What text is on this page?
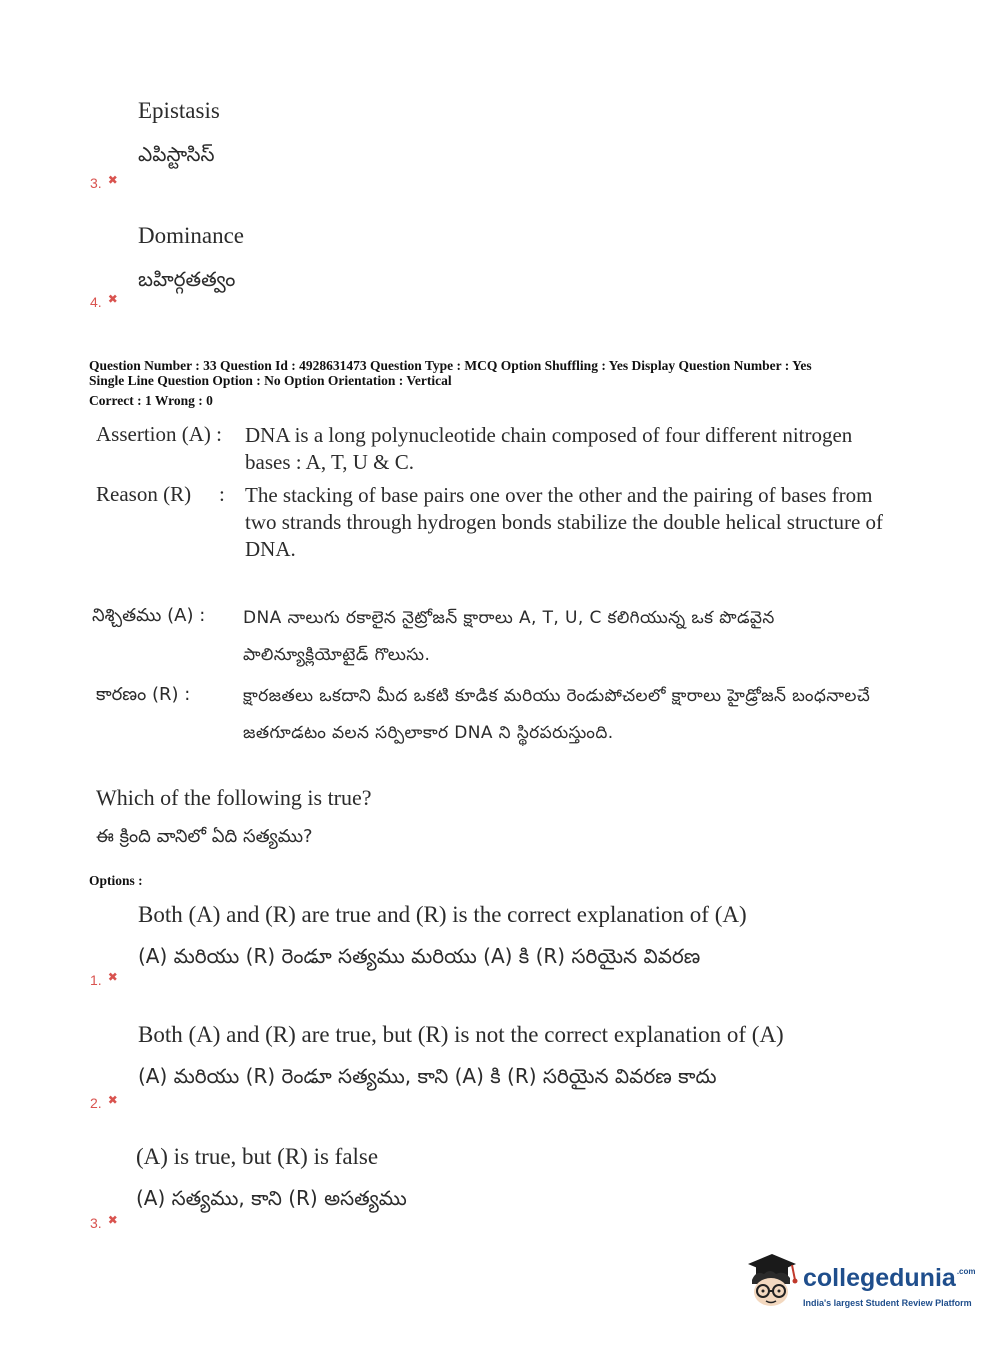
Epistasis
ఎపిస్టాసిస్
3. ✖
Dominance
బహిర్గతత్వం
4. ✖
Question Number : 33 Question Id : 4928631473 Question Type : MCQ Option Shuffling : Yes Display Question Number : Yes
Single Line Question Option : No Option Orientation : Vertical
Correct : 1 Wrong : 0
Assertion (A) : DNA is a long polynucleotide chain composed of four different nitrogen bases : A, T, U & C.
Reason (R) : The stacking of base pairs one over the other and the pairing of bases from two strands through hydrogen bonds stabilize the double helical structure of DNA.
నిశ్చితము (A) : DNA నాలుగు రకాలైన నైట్రోజన్ క్షారాలు A, T, U, C కలిగియున్న ఒక పొడవైన పాలిన్యూక్లియోటైడ్ గొలుసు.
కారణం (R) :	క్షారజతలు ఒకదాని మీద ఒకటి కూడిక మరియు రెండుపోచలలో క్షారాలు హైడ్రోజన్ బంధనాలచే జతగూడటం వలన సర్పిలాకార DNA ని స్థిరపరుస్తుంది.
Which of the following is true?
ఈ క్రింది వానిలో ఏది సత్యము?
Options :
Both (A) and (R) are true and (R) is the correct explanation of (A)
(A) మరియు (R) రెండూ సత్యము మరియు (A) కి (R) సరియైన వివరణ
1. ✖
Both (A) and (R) are true, but (R) is not the correct explanation of (A)
(A) మరియు (R) రెండూ సత్యము, కాని (A) కి (R) సరియైన వివరణ కాదు
2. ✖
(A) is true, but (R) is false
(A) సత్యము, కాని (R) అసత్యము
3. ✖
collegedunia$^{.com}$
India's largest Student Review Platform
